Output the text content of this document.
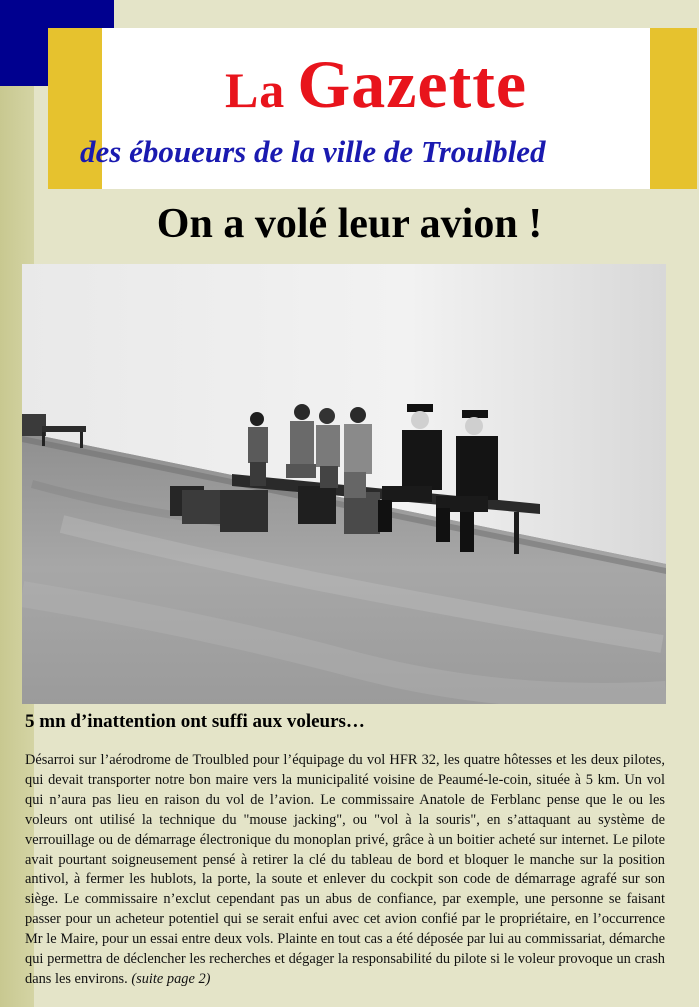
La Gazette
des éboueurs de la ville de Troulbled
On a volé leur avion !
5 mn d’inattention ont suffi aux voleurs…
Désarroi sur l’aérodrome de Troulbled pour l’équipage du vol HFR 32, les quatre hôtesses et les deux pilotes, qui devait transporter notre bon maire vers la municipalité voisine de Peaumé-le-coin, située à 5 km. Un vol qui n’aura pas lieu en raison du vol de l’avion. Le commissaire Anatole de Ferblanc pense que le ou les voleurs ont utilisé la technique du "mouse jacking", ou "vol à la souris", en s’attaquant au système de verrouillage ou de démarrage électronique du monoplan privé, grâce à un boitier acheté sur internet. Le pilote avait pourtant soigneusement pensé à retirer la clé du tableau de bord et bloquer le manche sur la position antivol, à fermer les hublots, la porte, la soute et enlever du cockpit son code de démarrage agrafé sur son siège. Le commissaire n’exclut cependant pas un abus de confiance, par exemple, une personne se faisant passer pour un acheteur potentiel qui se serait enfui avec cet avion confié par le propriétaire, en l’occurrence Mr le Maire, pour un essai entre deux vols. Plainte en tout cas a été déposée par lui au commissariat, démarche qui permettra de déclencher les recherches et dégager la responsabilité du pilote si le voleur provoque un crash dans les environs. (suite page 2)
